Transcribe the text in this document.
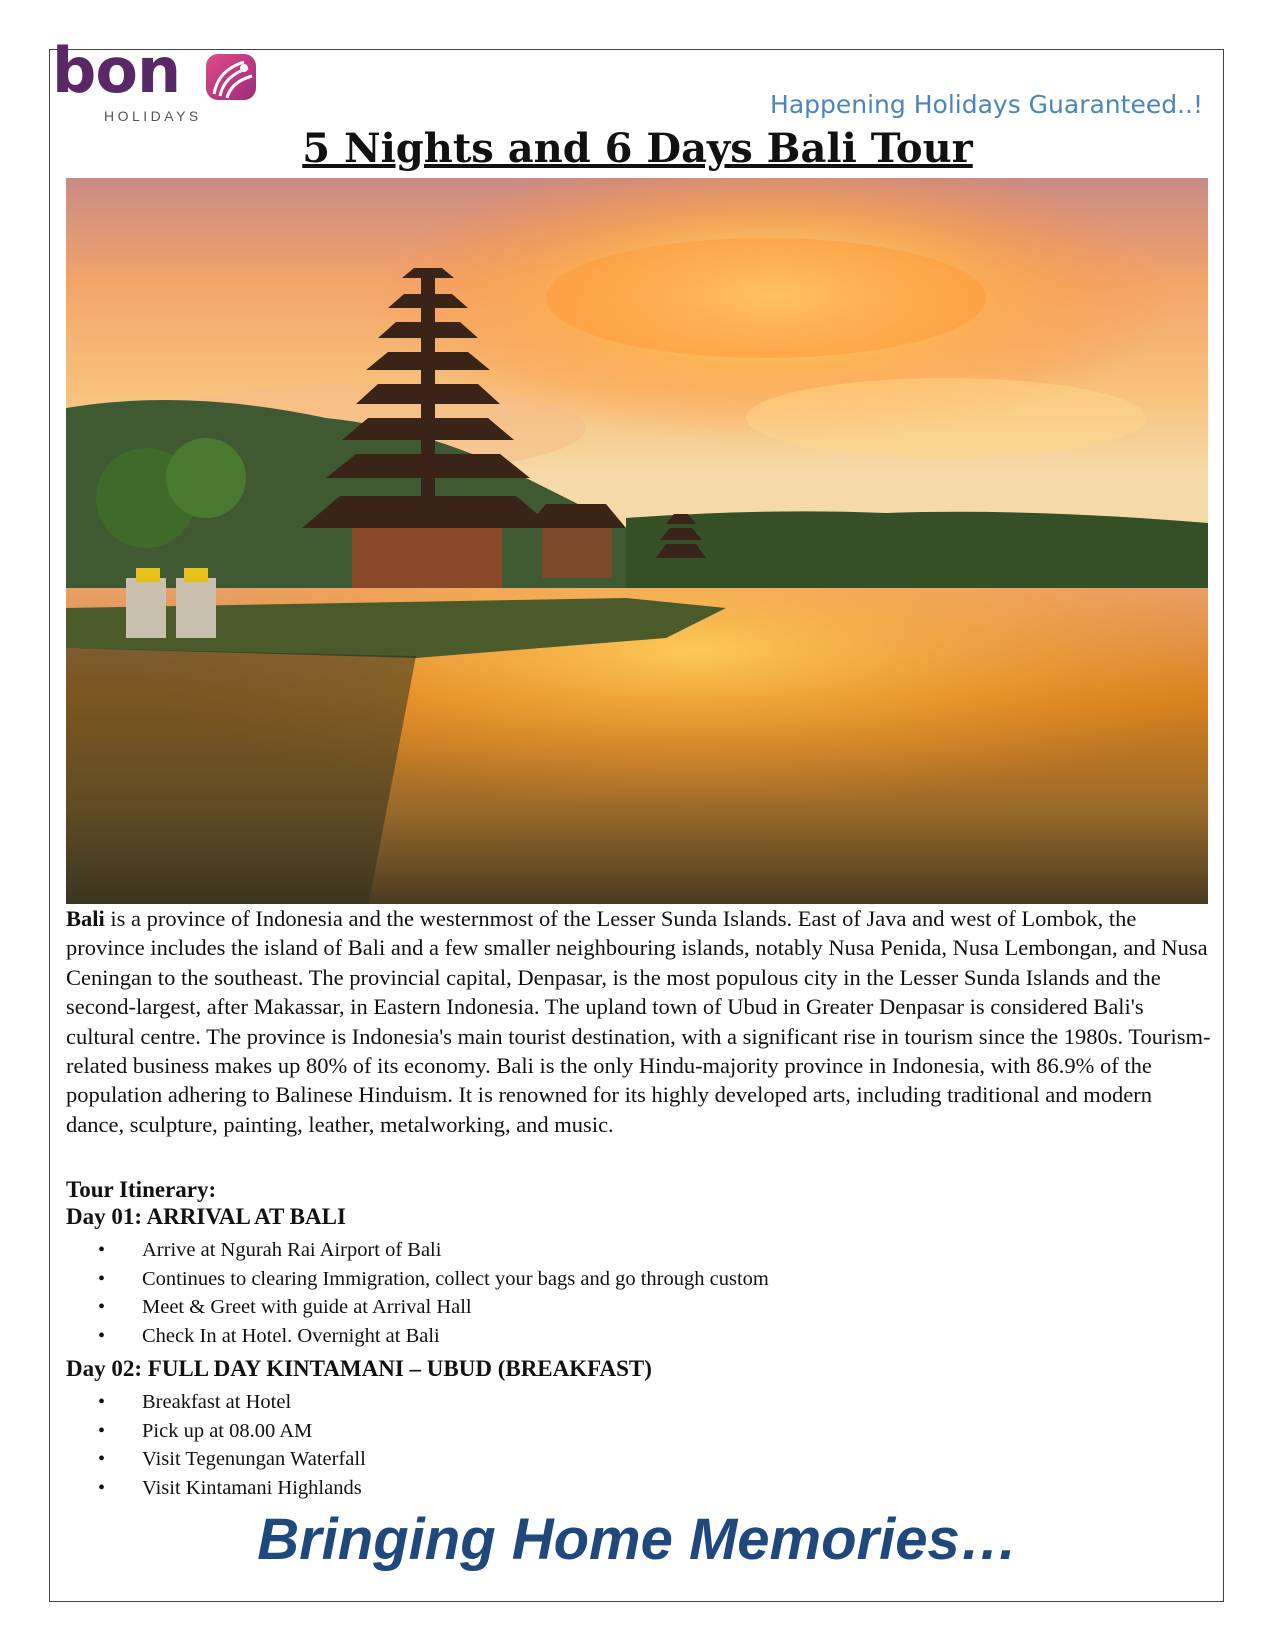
bon
HOLIDAYS	Happening Holidays Guaranteed..!
5 Nights and 6 Days Bali Tour

Bali is a province of Indonesia and the westernmost of the Lesser Sunda Islands. East of Java and west of Lombok, the province includes the island of Bali and a few smaller neighbouring islands, notably Nusa Penida, Nusa Lembongan, and Nusa Ceningan to the southeast. The provincial capital, Denpasar, is the most populous city in the Lesser Sunda Islands and the second-largest, after Makassar, in Eastern Indonesia. The upland town of Ubud in Greater Denpasar is considered Bali's cultural centre. The province is Indonesia's main tourist destination, with a significant rise in tourism since the 1980s. Tourism-related business makes up 80% of its economy. Bali is the only Hindu-majority province in Indonesia, with 86.9% of the population adhering to Balinese Hinduism. It is renowned for its highly developed arts, including traditional and modern dance, sculpture, painting, leather, metalworking, and music.

Tour Itinerary:

Day 01: ARRIVAL AT BALI

• Arrive at Ngurah Rai Airport of Bali
• Continues to clearing Immigration, collect your bags and go through custom
• Meet & Greet with guide at Arrival Hall
• Check In at Hotel. Overnight at Bali

Day 02: FULL DAY KINTAMANI – UBUD (BREAKFAST)

• Breakfast at Hotel
• Pick up at 08.00 AM
• Visit Tegenungan Waterfall
• Visit Kintamani Highlands
Bringing Home Memories…
